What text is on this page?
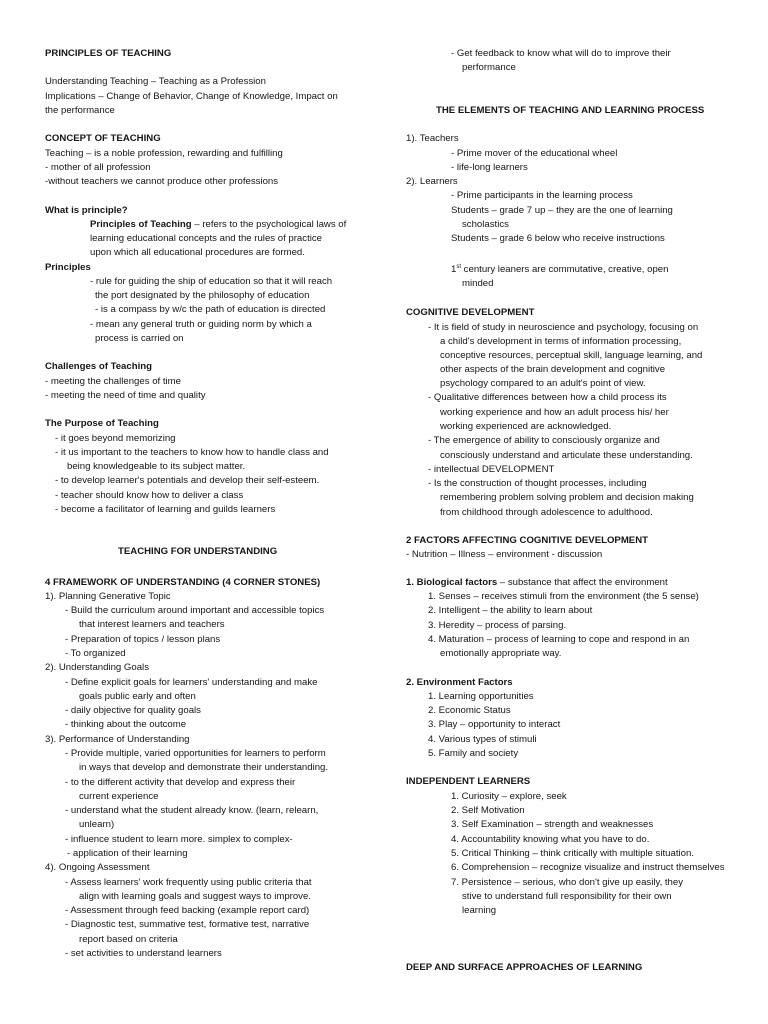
PRINCIPLES OF TEACHING
Understanding Teaching – Teaching as a Profession
Implications – Change of Behavior, Change of Knowledge, Impact on
the performance
CONCEPT OF TEACHING
Teaching – is a noble profession, rewarding and fulfilling
- mother of all profession
-without teachers we cannot produce other professions
What is principle?
Principles of Teaching – refers to the psychological laws of
learning educational concepts and the rules of practice
upon which all educational procedures are formed.
Principles
- rule for guiding the ship of education so that it will reach
the port designated by the philosophy of education
- is a compass by w/c the path of education is directed
- mean any general truth or guiding norm by which a
process is carried on
Challenges of Teaching
- meeting the challenges of time
- meeting the need of time and quality
The Purpose of Teaching
- it goes beyond memorizing
- it us important to the teachers to know how to handle class and
being knowledgeable to its subject matter.
- to develop learner's potentials and develop their self-esteem.
- teacher should know how to deliver a class
- become a facilitator of learning and guilds learners
TEACHING FOR UNDERSTANDING
4 FRAMEWORK OF UNDERSTANDING (4 CORNER STONES)
1). Planning Generative Topic
- Build the curriculum around important and accessible topics
that interest learners and teachers
- Preparation of topics / lesson plans
- To organized
2). Understanding Goals
- Define explicit goals for learners' understanding and make
goals public early and often
- daily objective for quality goals
- thinking about the outcome
3). Performance of Understanding
- Provide multiple, varied opportunities for learners to perform
in ways that develop and demonstrate their understanding.
- to the different activity that develop and express their
current experience
- understand what the student already know. (learn, relearn,
unlearn)
- influence student to learn more. simplex to complex-
- application of their learning
4). Ongoing Assessment
- Assess learners' work frequently using public criteria that
align with learning goals and suggest ways to improve.
- Assessment through feed backing (example report card)
- Diagnostic test, summative test, formative test, narrative
report based on criteria
- set activities to understand learners
- Get feedback to know what will do to improve their
performance
THE ELEMENTS OF TEACHING AND LEARNING PROCESS
1). Teachers
- Prime mover of the educational wheel
- life-long learners
2). Learners
- Prime participants in the learning process
Students – grade 7 up – they are the one of learning
scholastics
Students – grade 6 below who receive instructions
1st century leaners are commutative, creative, open
minded
COGNITIVE DEVELOPMENT
- It is field of study in neuroscience and psychology, focusing on
a child's development in terms of information processing,
conceptive resources, perceptual skill, language learning, and
other aspects of the brain development and cognitive
psychology compared to an adult's point of view.
- Qualitative differences between how a child process its
working experience and how an adult process his/ her
working experienced are acknowledged.
- The emergence of ability to consciously organize and
consciously understand and articulate these understanding.
- intellectual DEVELOPMENT
- Is the construction of thought processes, including
remembering problem solving problem and decision making
from childhood through adolescence to adulthood.
2 FACTORS AFFECTING COGNITIVE DEVELOPMENT
- Nutrition – Illness – environment - discussion
1. Biological factors – substance that affect the environment
1. Senses – receives stimuli from the environment (the 5 sense)
2. Intelligent – the ability to learn about
3. Heredity – process of parsing.
4. Maturation – process of learning to cope and respond in an
emotionally appropriate way.
2. Environment Factors
1. Learning opportunities
2. Economic Status
3. Play – opportunity to interact
4. Various types of stimuli
5. Family and society
INDEPENDENT LEARNERS
1. Curiosity – explore, seek
2. Self Motivation
3. Self Examination – strength and weaknesses
4. Accountability knowing what you have to do.
5. Critical Thinking – think critically with multiple situation.
6. Comprehension – recognize visualize and instruct themselves
7. Persistence – serious, who don't give up easily, they
stive to understand full responsibility for their own
learning
DEEP AND SURFACE APPROACHES OF LEARNING
